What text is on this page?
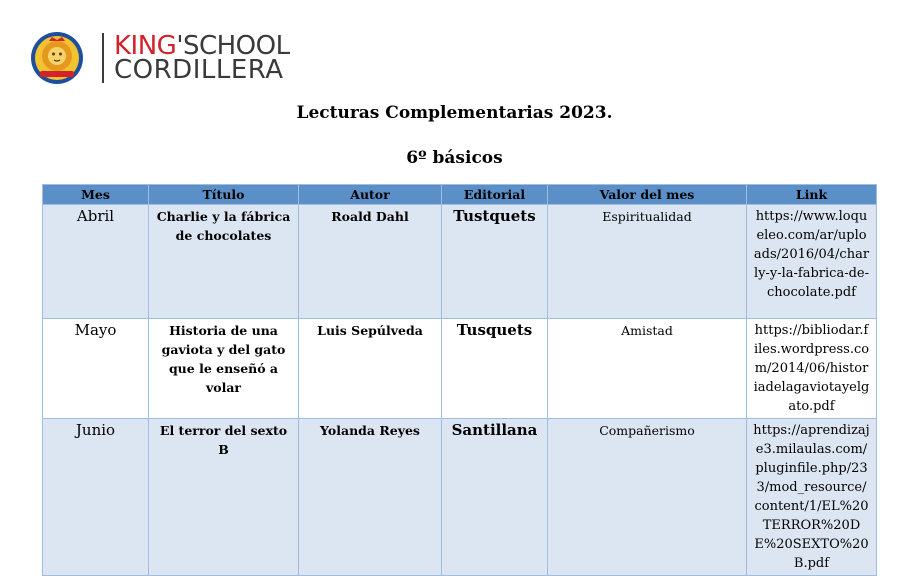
KING'SCHOOL
CORDILLERA
Lecturas Complementarias 2023.
6º básicos
Mes	Título	Autor	Editorial	Valor del mes	Link
Abril	Charlie y la fábrica de chocolates	Roald Dahl	Tustquets	Espiritualidad	https://www.loqueleo.com/ar/uploads/2016/04/charly-y-la-fabrica-de-chocolate.pdf
Mayo	Historia de una gaviota y del gato que le enseñó a volar	Luis Sepúlveda	Tusquets	Amistad	https://bibliodar.files.wordpress.com/2014/06/historiadelagaviotayelgato.pdf
Junio	El terror del sexto B	Yolanda Reyes	Santillana	Compañerismo	https://aprendizaje3.milaulas.com/pluginfile.php/233/mod_resource/content/1/EL%20TERROR%20DE%20SEXTO%20B.pdf
